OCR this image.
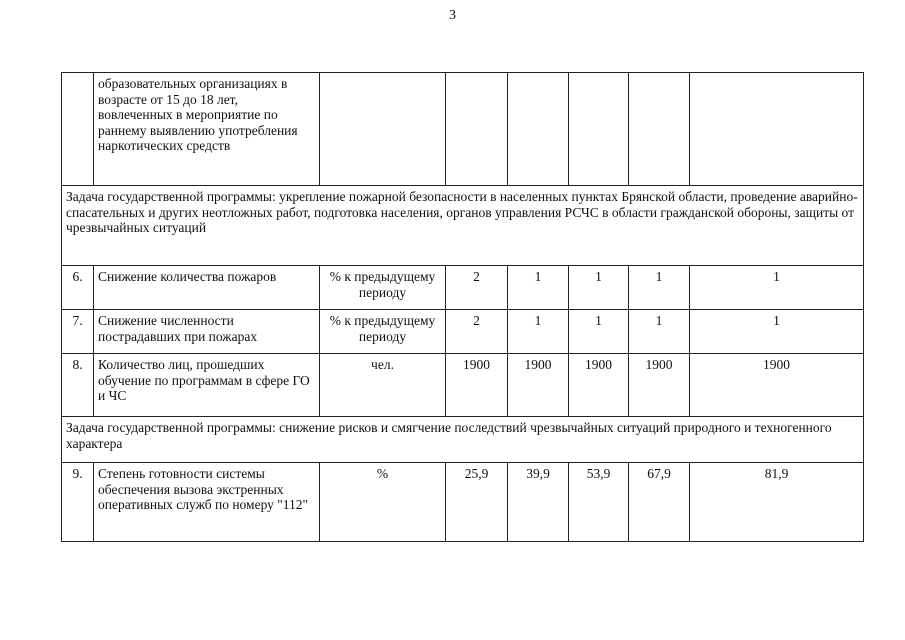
3
	образовательных организациях в возрасте от 15 до 18 лет, вовлеченных в мероприятие по раннему выявлению употребления наркотических средств						
Задача государственной программы: укрепление пожарной безопасности в населенных пунктах Брянской области, проведение аварийно-спасательных и других неотложных работ, подготовка населения, органов управления РСЧС в области гражданской обороны, защиты от чрезвычайных ситуаций							
6.	Снижение количества пожаров	% к предыдущему периоду	2	1	1	1	1
7.	Снижение численности пострадавших при пожарах	% к предыдущему периоду	2	1	1	1	1
8.	Количество лиц, прошедших обучение по программам в сфере ГО и ЧС	чел.	1900	1900	1900	1900	1900
Задача государственной программы: снижение рисков и смягчение последствий чрезвычайных ситуаций природного и техногенного характера							
9.	Степень готовности системы обеспечения вызова экстренных оперативных служб по номеру "112"	%	25,9	39,9	53,9	67,9	81,9
